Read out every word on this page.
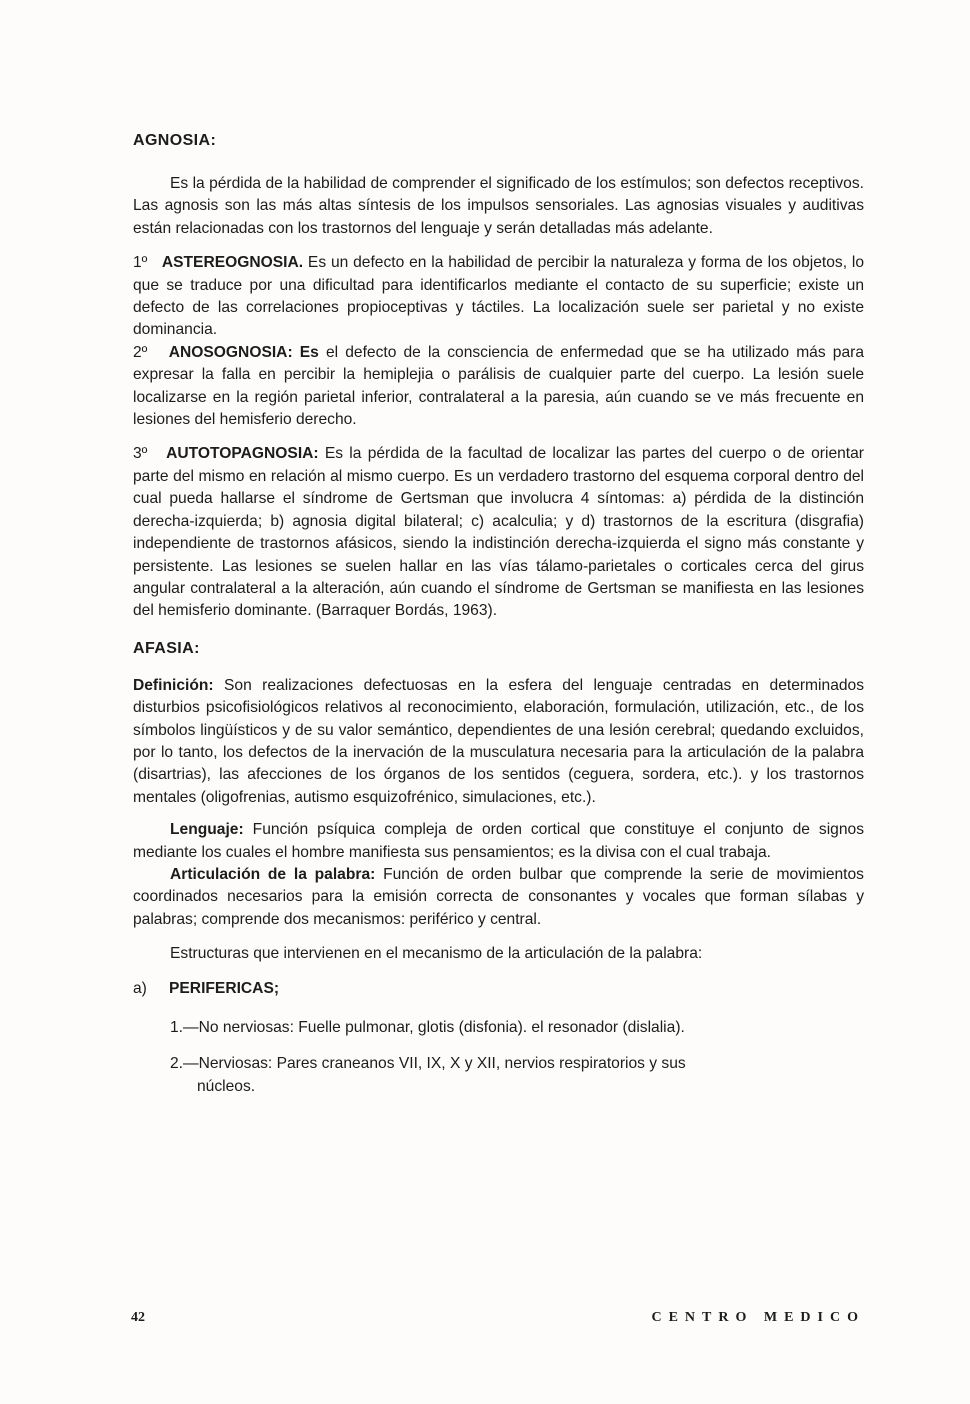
AGNOSIA:

Es la pérdida de la habilidad de comprender el significado de los estímulos; son defectos receptivos. Las agnosis son las más altas síntesis de los impulsos sensoriales. Las agnosias visuales y auditivas están relacionadas con los trastornos del lenguaje y serán detalladas más adelante.

1º ASTEREOGNOSIA. Es un defecto en la habilidad de percibir la naturaleza y forma de los objetos, lo que se traduce por una dificultad para identificarlos mediante el contacto de su superficie; existe un defecto de las correlaciones propioceptivas y táctiles. La localización suele ser parietal y no existe dominancia.

2º ANOSOGNOSIA: Es el defecto de la consciencia de enfermedad que se ha utilizado más para expresar la falla en percibir la hemiplejia o parálisis de cualquier parte del cuerpo. La lesión suele localizarse en la región parietal inferior, contralateral a la paresia, aún cuando se ve más frecuente en lesiones del hemisferio derecho.

3º AUTOTOPAGNOSIA: Es la pérdida de la facultad de localizar las partes del cuerpo o de orientar parte del mismo en relación al mismo cuerpo. Es un verdadero trastorno del esquema corporal dentro del cual pueda hallarse el síndrome de Gertsman que involucra 4 síntomas: a) pérdida de la distinción derecha-izquierda; b) agnosia digital bilateral; c) acalculia; y d) trastornos de la escritura (disgrafia) independiente de trastornos afásicos, siendo la indistinción derecha-izquierda el signo más constante y persistente. Las lesiones se suelen hallar en las vías tálamo-parietales o corticales cerca del girus angular contralateral a la alteración, aún cuando el síndrome de Gertsman se manifiesta en las lesiones del hemisferio dominante. (Barraquer Bordás, 1963).

AFASIA:

Definición: Son realizaciones defectuosas en la esfera del lenguaje centradas en determinados disturbios psicofisiológicos relativos al reconocimiento, elaboración, formulación, utilización, etc., de los símbolos lingüísticos y de su valor semántico, dependientes de una lesión cerebral; quedando excluidos, por lo tanto, los defectos de la inervación de la musculatura necesaria para la articulación de la palabra (disartrias), las afecciones de los órganos de los sentidos (ceguera, sordera, etc.). y los trastornos mentales (oligofrenias, autismo esquizofrénico, simulaciones, etc.).

Lenguaje: Función psíquica compleja de orden cortical que constituye el conjunto de signos mediante los cuales el hombre manifiesta sus pensamientos; es la divisa con el cual trabaja.

Articulación de la palabra: Función de orden bulbar que comprende la serie de movimientos coordinados necesarios para la emisión correcta de consonantes y vocales que forman sílabas y palabras; comprende dos mecanismos: periférico y central.

Estructuras que intervienen en el mecanismo de la articulación de la palabra:

a) PERIFERICAS;

1.—No nerviosas: Fuelle pulmonar, glotis (disfonia). el resonador (dislalia).
2.—Nerviosas: Pares craneanos VII, IX, X y XII, nervios respiratorios y sus
núcleos.
42	CENTRO MEDICO
